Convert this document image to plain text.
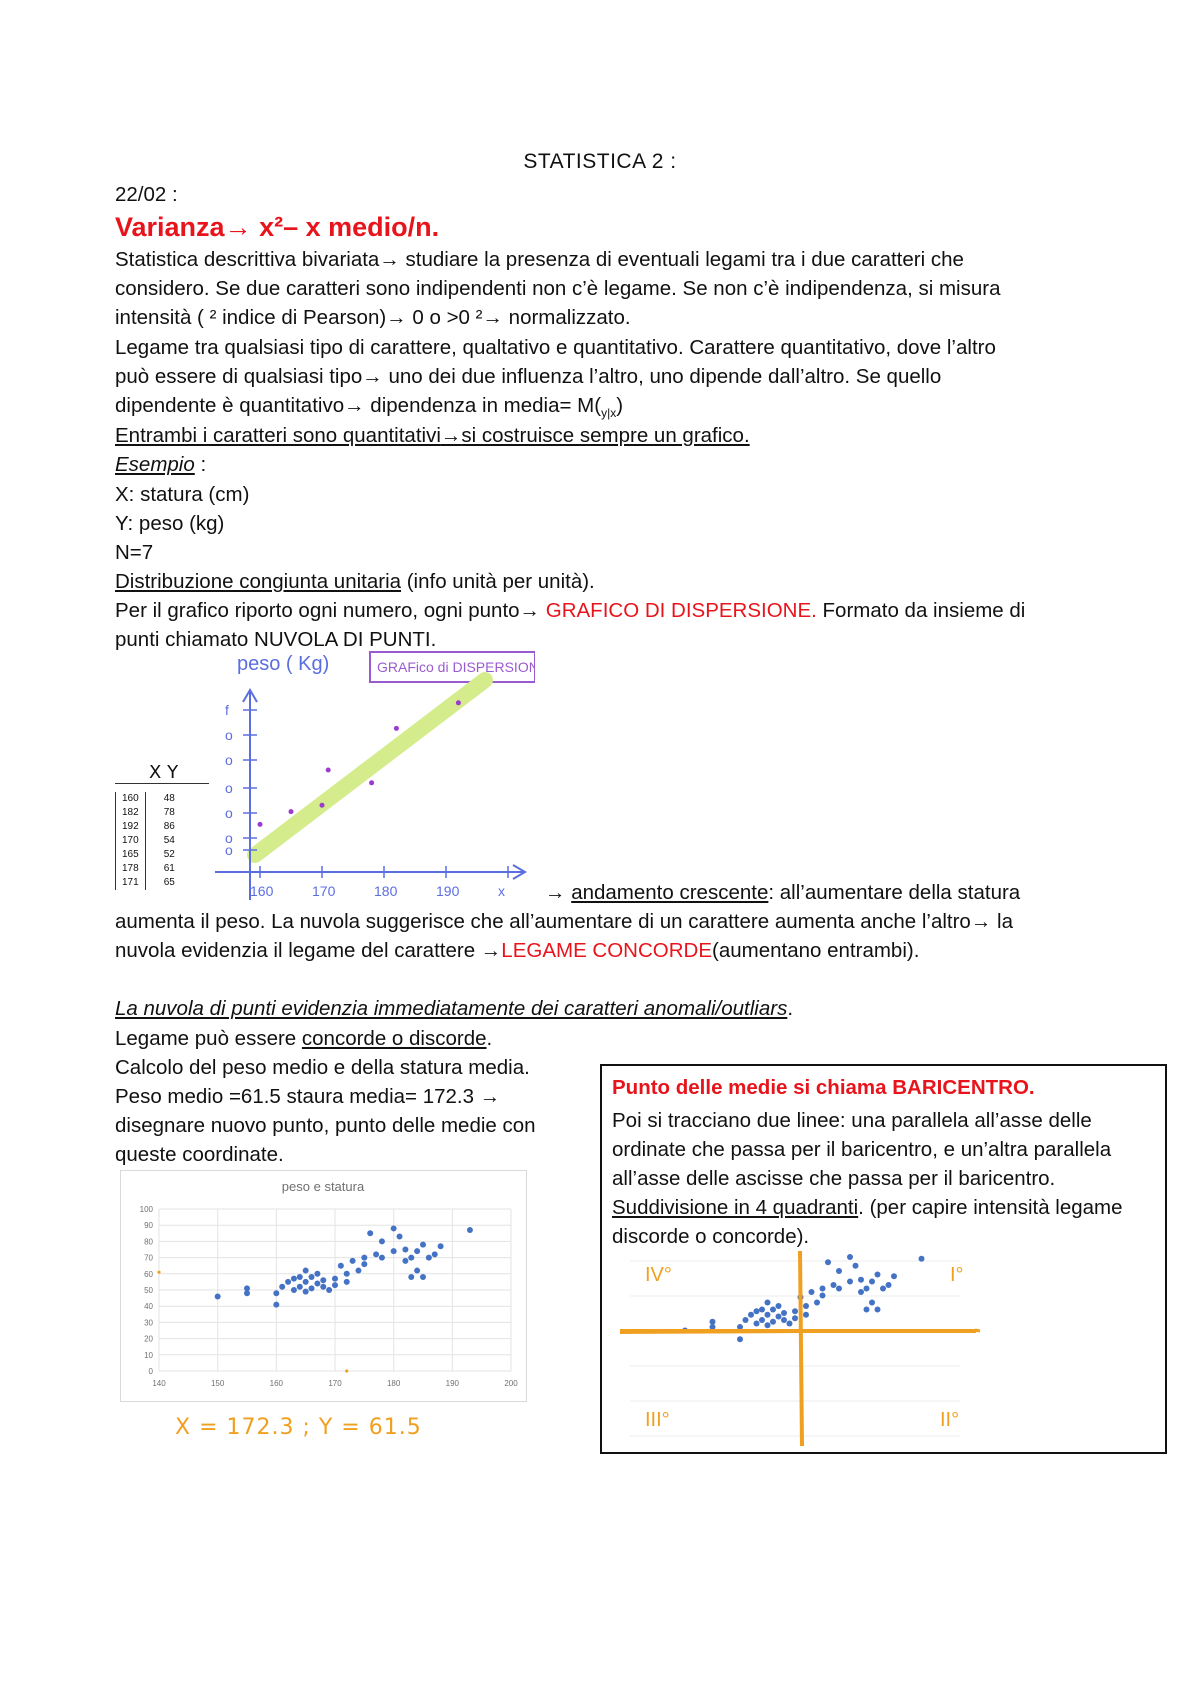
STATISTICA 2 :
22/02 :
Varianza→ x²– x medio/n.
Statistica descrittiva bivariata→ studiare la presenza di eventuali legami tra i due caratteri che
considero. Se due caratteri sono indipendenti non c’è legame. Se non c’è indipendenza, si misura
intensità ( ² indice di Pearson)→ 0 o >0 ²→ normalizzato.
Legame tra qualsiasi tipo di carattere, qualtativo e quantitativo. Carattere quantitativo, dove l’altro
può essere di qualsiasi tipo→ uno dei due influenza l’altro, uno dipende dall’altro. Se quello
dipendente è quantitativo→ dipendenza in media= $M(_{y|x})$
Entrambi i caratteri sono quantitativi→si costruisce sempre un grafico.
Esempio :
X: statura (cm)
Y: peso (kg)
N=7
Distribuzione congiunta unitaria (info unità per unità).
Per il grafico riporto ogni numero, ogni punto→ GRAFICO DI DISPERSIONE. Formato da insieme di
punti chiamato NUVOLA DI PUNTI.
peso ( Kg)	GRAFico di DISPERSIONE
f
o
o
o
o
o
o
160	170	180	190	x
X Y
160	48
182	78
192	86
170	54
165	52
178	61
171	65	→ andamento crescente: all’aumentare della statura
aumenta il peso. La nuvola suggerisce che all’aumentare di un carattere aumenta anche l’altro→ la
nuvola evidenzia il legame del carattere →LEGAME CONCORDE(aumentano entrambi).
La nuvola di punti evidenzia immediatamente dei caratteri anomali/outliars.
Legame può essere concorde o discorde.
Calcolo del peso medio e della statura media.
Peso medio =61.5 staura media= 172.3 →
disegnare nuovo punto, punto delle medie con
queste coordinate.
peso e statura
0
10
20
30
40
50
60
70
80
90
100
140	150	160	170	180	190	200
X = 172.3 ; Y = 61.5
Punto delle medie si chiama BARICENTRO.
Poi si tracciano due linee: una parallela all’asse delle
ordinate che passa per il baricentro, e un’altra parallela
all’asse delle ascisse che passa per il baricentro.
Suddivisione in 4 quadranti. (per capire intensità legame
discorde o concorde).
IV°	I°
III°	II°
